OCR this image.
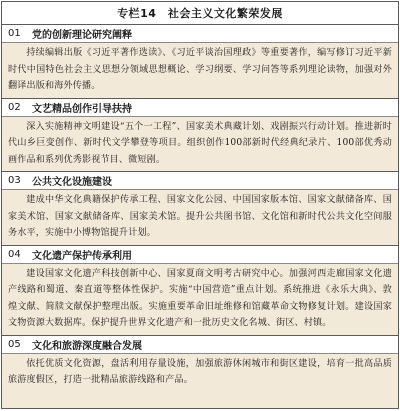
专栏14　社会主义文化繁荣发展
01	党的创新理论研究阐释
持续编辑出版《习近平著作选读》、《习近平谈治国理政》等重要著作，编写修订习近平新时代中国特色社会主义思想分领域思想概论、学习纲要、学习问答等系列理论读物，加强对外翻译出版和海外传播。
02	文艺精品创作引导扶持
深入实施精神文明建设“五个一工程”、国家美术典藏计划、戏剧振兴行动计划。推进新时代山乡巨变创作、新时代文学攀登等项目。组织创作100部新时代经典纪录片、100部优秀动画作品和系列优秀影视节目、微短剧。
03	公共文化设施建设
建成中华文化典籍保护传承工程、国家文化公园、中国国家版本馆、国家文献储备库、国家美术馆、国家文献储备库、国家美术馆。提升公共图书馆、文化馆和新时代公共文化空间服务水平，实施中小博物馆提升计划。
04	文化遗产保护传承利用
建设国家文化遗产科技创新中心、国家夏商文明考古研究中心。加强河西走廊国家文化遗产线路和蜀道、秦直道等整体性保护。实施“中国营造”重点计划。系统推进《永乐大典》、敦煌文献、简牍文献保护整理出版。实施重要革命旧址维修和馆藏革命文物修复计划。建设国家文物资源大数据库。保护提升世界文化遗产和一批历史文化名城、街区、村镇。
05	文化和旅游深度融合发展
依托优质文化资源，盘活利用存量设施，加强旅游休闲城市和街区建设，培育一批高品质旅游度假区，打造一批精品旅游线路和产品。
